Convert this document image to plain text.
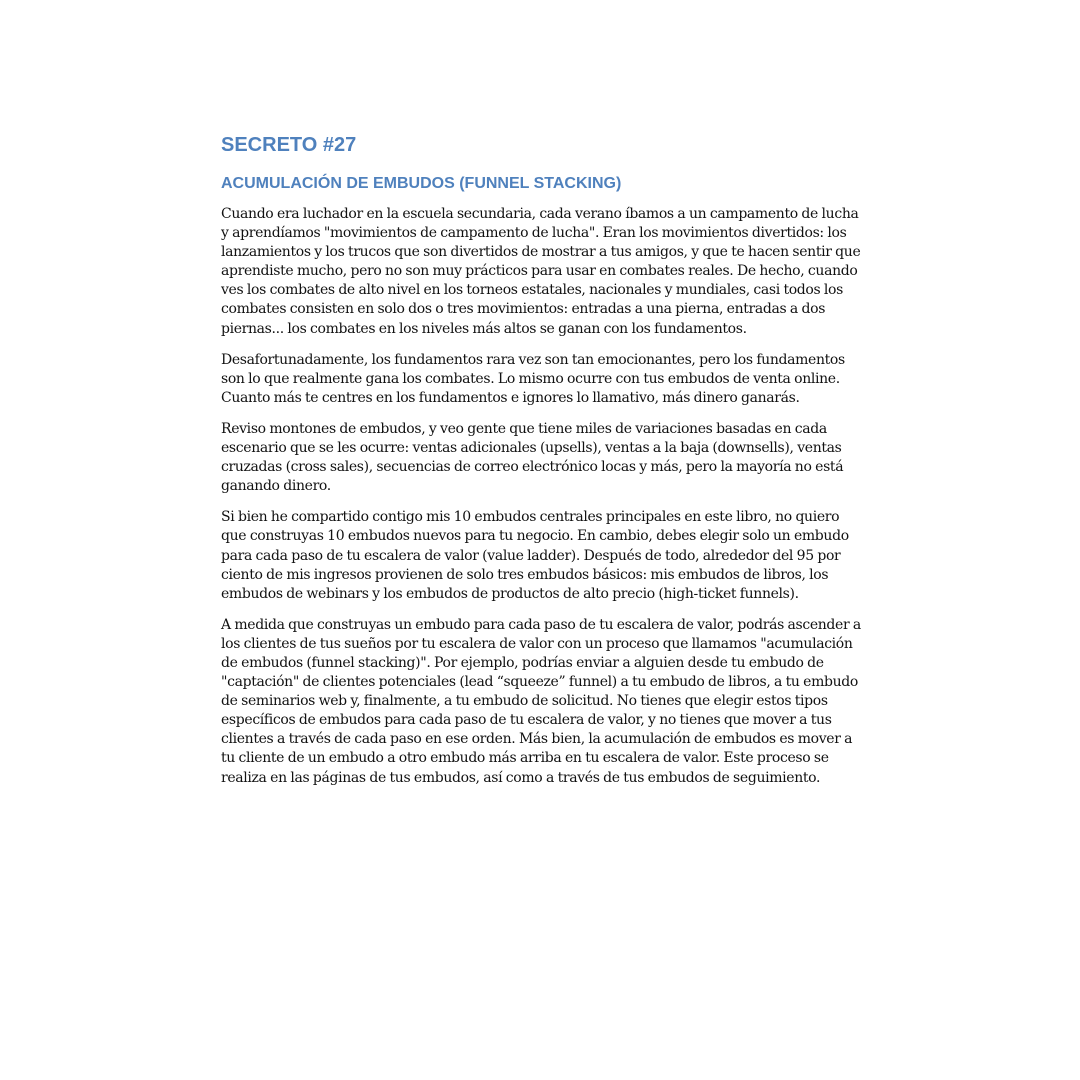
SECRETO #27
ACUMULACIÓN DE EMBUDOS (FUNNEL STACKING)

Cuando era luchador en la escuela secundaria, cada verano íbamos a un campamento de lucha y aprendíamos "movimientos de campamento de lucha". Eran los movimientos divertidos: los lanzamientos y los trucos que son divertidos de mostrar a tus amigos, y que te hacen sentir que aprendiste mucho, pero no son muy prácticos para usar en combates reales. De hecho, cuando ves los combates de alto nivel en los torneos estatales, nacionales y mundiales, casi todos los combates consisten en solo dos o tres movimientos: entradas a una pierna, entradas a dos piernas... los combates en los niveles más altos se ganan con los fundamentos.

Desafortunadamente, los fundamentos rara vez son tan emocionantes, pero los fundamentos son lo que realmente gana los combates. Lo mismo ocurre con tus embudos de venta online. Cuanto más te centres en los fundamentos e ignores lo llamativo, más dinero ganarás.

Reviso montones de embudos, y veo gente que tiene miles de variaciones basadas en cada escenario que se les ocurre: ventas adicionales (upsells), ventas a la baja (downsells), ventas cruzadas (cross sales), secuencias de correo electrónico locas y más, pero la mayoría no está ganando dinero.

Si bien he compartido contigo mis 10 embudos centrales principales en este libro, no quiero que construyas 10 embudos nuevos para tu negocio. En cambio, debes elegir solo un embudo para cada paso de tu escalera de valor (value ladder). Después de todo, alrededor del 95 por ciento de mis ingresos provienen de solo tres embudos básicos: mis embudos de libros, los embudos de webinars y los embudos de productos de alto precio (high-ticket funnels).

A medida que construyas un embudo para cada paso de tu escalera de valor, podrás ascender a los clientes de tus sueños por tu escalera de valor con un proceso que llamamos "acumulación de embudos (funnel stacking)". Por ejemplo, podrías enviar a alguien desde tu embudo de "captación" de clientes potenciales (lead “squeeze” funnel) a tu embudo de libros, a tu embudo de seminarios web y, finalmente, a tu embudo de solicitud. No tienes que elegir estos tipos específicos de embudos para cada paso de tu escalera de valor, y no tienes que mover a tus clientes a través de cada paso en ese orden. Más bien, la acumulación de embudos es mover a tu cliente de un embudo a otro embudo más arriba en tu escalera de valor. Este proceso se realiza en las páginas de tus embudos, así como a través de tus embudos de seguimiento.
